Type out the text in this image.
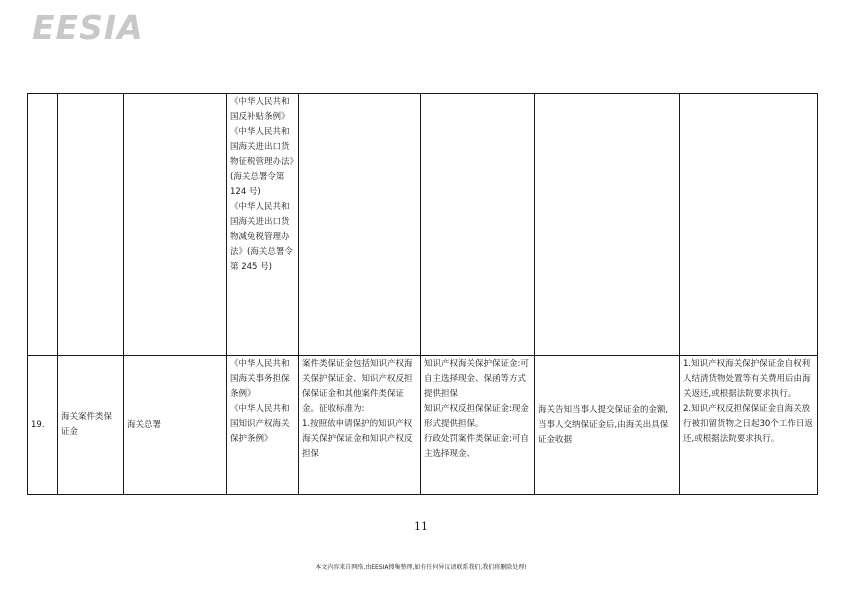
EESIA
			《中华人民共和国反补贴条例》
《中华人民共和国海关进出口货物征税管理办法》(海关总署令第 124 号)
《中华人民共和国海关进出口货物减免税管理办法》(海关总署令第 245 号)				
19.	海关案件类保证金	海关总署	《中华人民共和国海关事务担保条例》
《中华人民共和国知识产权海关保护条例》	案件类保证金包括知识产权海关保护保证金、知识产权反担保保证金和其他案件类保证金。征收标准为:
1.按照依申请保护的知识产权海关保护保证金和知识产权反担保	知识产权海关保护保证金:可自主选择现金、保函等方式提供担保
知识产权反担保保证金:现金形式提供担保。
行政处罚案件类保证金:可自主选择现金、	海关告知当事人提交保证金的金额,当事人交纳保证金后,由海关出具保证金收据	1.知识产权海关保护保证金自权利人结清货物处置等有关费用后由海关返还,或根据法院要求执行。
2.知识产权反担保保证金自海关放行被扣留货物之日起30个工作日返还,或根据法院要求执行。
11
本文内容来自网络,由EESIA搜集整理,如有任何异议请联系我们,我们将删除处理!
